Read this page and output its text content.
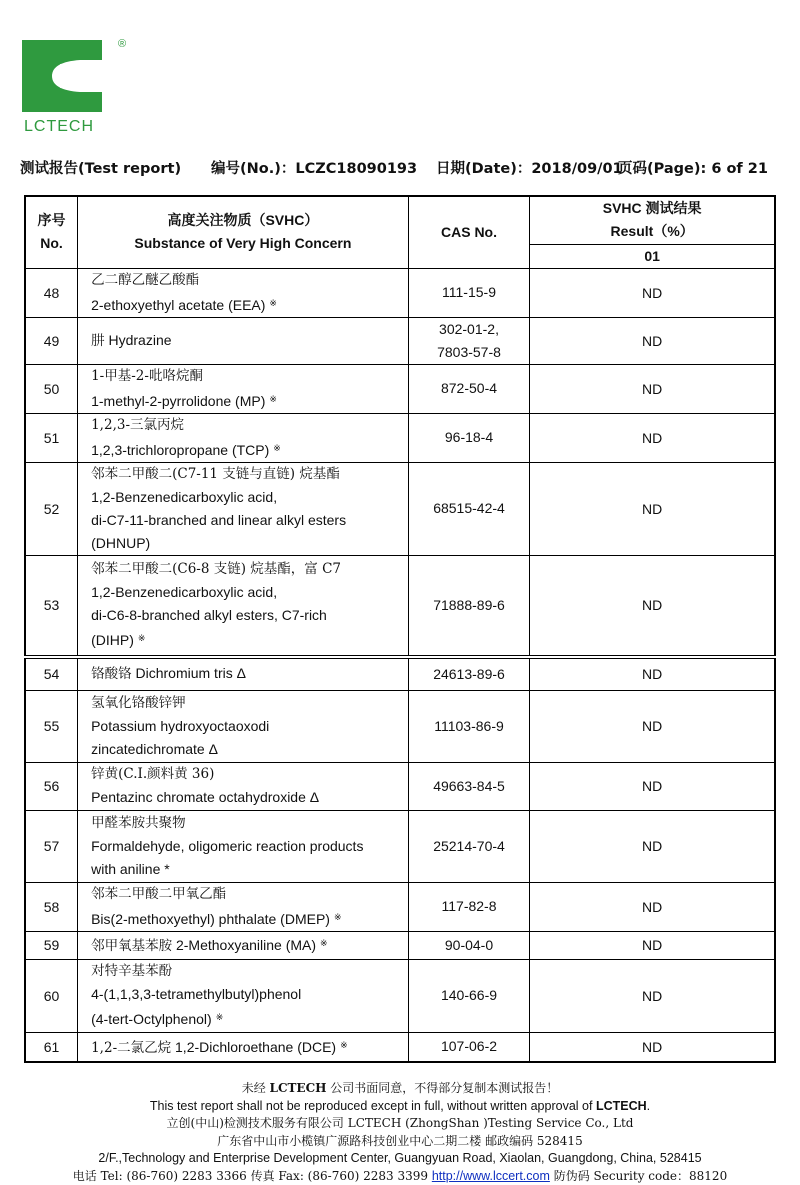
®
LCTECH
测试报告(Test report) 编号(No.)：LCZC18090193 日期(Date)：2018/09/01
页码(Page): 6 of 21
序号
No.	高度关注物质（SVHC）
Substance of Very High Concern	CAS No.	SVHC 测试结果
Result（%）

			01
48	乙二醇乙醚乙酸酯
2-ethoxyethyl acetate (EEA) ※	111-15-9	ND
49	肼 Hydrazine	302-01-2,
7803-57-8	ND
50	1-甲基-2-吡咯烷酮
1-methyl-2-pyrrolidone (MP) ※	872-50-4	ND
51	1,2,3-三氯丙烷
1,2,3-trichloropropane (TCP) ※	96-18-4	ND
52	邻苯二甲酸二(C7-11 支链与直链) 烷基酯
1,2-Benzenedicarboxylic acid,
di-C7-11-branched and linear alkyl esters
(DHNUP)	68515-42-4	ND
53	邻苯二甲酸二(C6-8 支链) 烷基酯，富 C7
1,2-Benzenedicarboxylic acid,
di-C6-8-branched alkyl esters, C7-rich
(DIHP) ※	71888-89-6	ND
54	铬酸铬 Dichromium tris Δ	24613-89-6	ND
55	氢氧化铬酸锌钾
Potassium hydroxyoctaoxodi
zincatedichromate Δ	11103-86-9	ND
56	锌黄(C.I.颜料黄 36)
Pentazinc chromate octahydroxide Δ	49663-84-5	ND
57	甲醛苯胺共聚物
Formaldehyde, oligomeric reaction products
with aniline *	25214-70-4	ND
58	邻苯二甲酸二甲氧乙酯
Bis(2-methoxyethyl) phthalate (DMEP) ※	117-82-8	ND
59	邻甲氧基苯胺 2-Methoxyaniline (MA) ※	90-04-0	ND
60	对特辛基苯酚
4-(1,1,3,3-tetramethylbutyl)phenol
(4-tert-Octylphenol) ※	140-66-9	ND
61	1,2-二氯乙烷 1,2-Dichloroethane (DCE) ※	107-06-2	ND
未经 LCTECH 公司书面同意，不得部分复制本测试报告！
This test report shall not be reproduced except in full, without written approval of LCTECH.
立创(中山)检测技术服务有限公司 LCTECH (ZhongShan )Testing Service Co., Ltd
广东省中山市小榄镇广源路科技创业中心二期二楼 邮政编码 528415
2/F.,Technology and Enterprise Development Center, Guangyuan Road, Xiaolan, Guangdong, China, 528415
电话 Tel: (86-760) 2283 3366 传真 Fax: (86-760) 2283 3399 http://www.lccert.com 防伪码 Security code：88120
